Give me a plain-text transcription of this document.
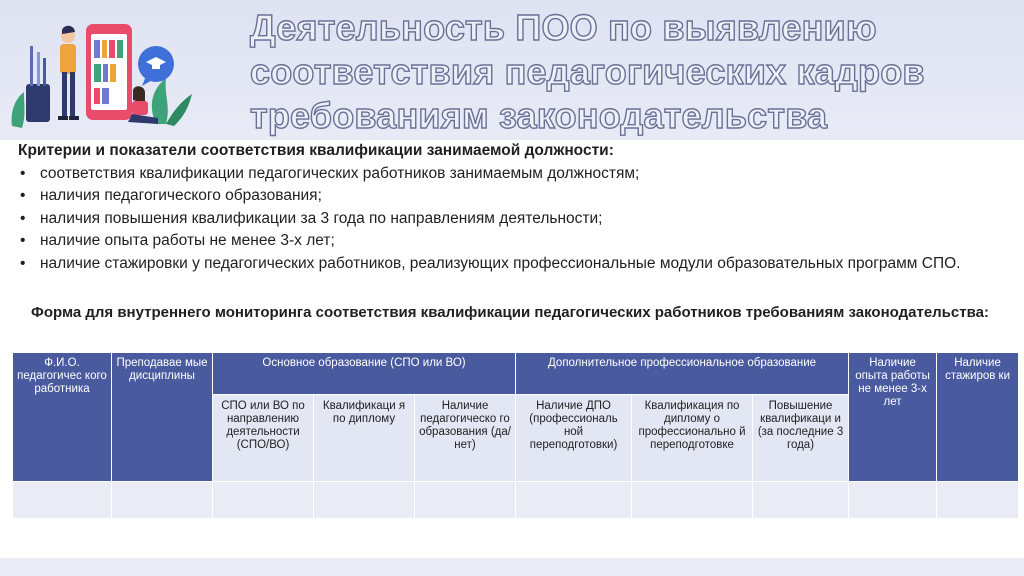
Деятельность ПОО по выявлению
соответствия педагогических кадров
требованиям законодательства
Критерии и показатели соответствия квалификации занимаемой должности:
• соответствия квалификации педагогических работников занимаемым должностям;
• наличия педагогического образования;
• наличия повышения квалификации за 3 года по направлениям деятельности;
• наличие опыта работы не менее 3-х лет;
• наличие стажировки у педагогических работников, реализующих профессиональные модули образовательных программ СПО.
Форма для внутреннего мониторинга соответствия квалификации педагогических работников требованиям законодательства:
Ф.И.О. педагогичес кого работника	Преподавае мые дисциплины	Основное образование (СПО или ВО)			Дополнительное профессиональное образование			Наличие опыта работы не менее 3-х лет	Наличие стажиров ки
		СПО или ВО по направлению деятельности (СПО/ВО)	Квалификаци я по диплому	Наличие педагогическо го образования (да/нет)	Наличие ДПО (профессиональ ной переподготовки)	Квалификация по диплому о профессионально й переподготовке	Повышение квалификаци и (за последние 3 года)		
